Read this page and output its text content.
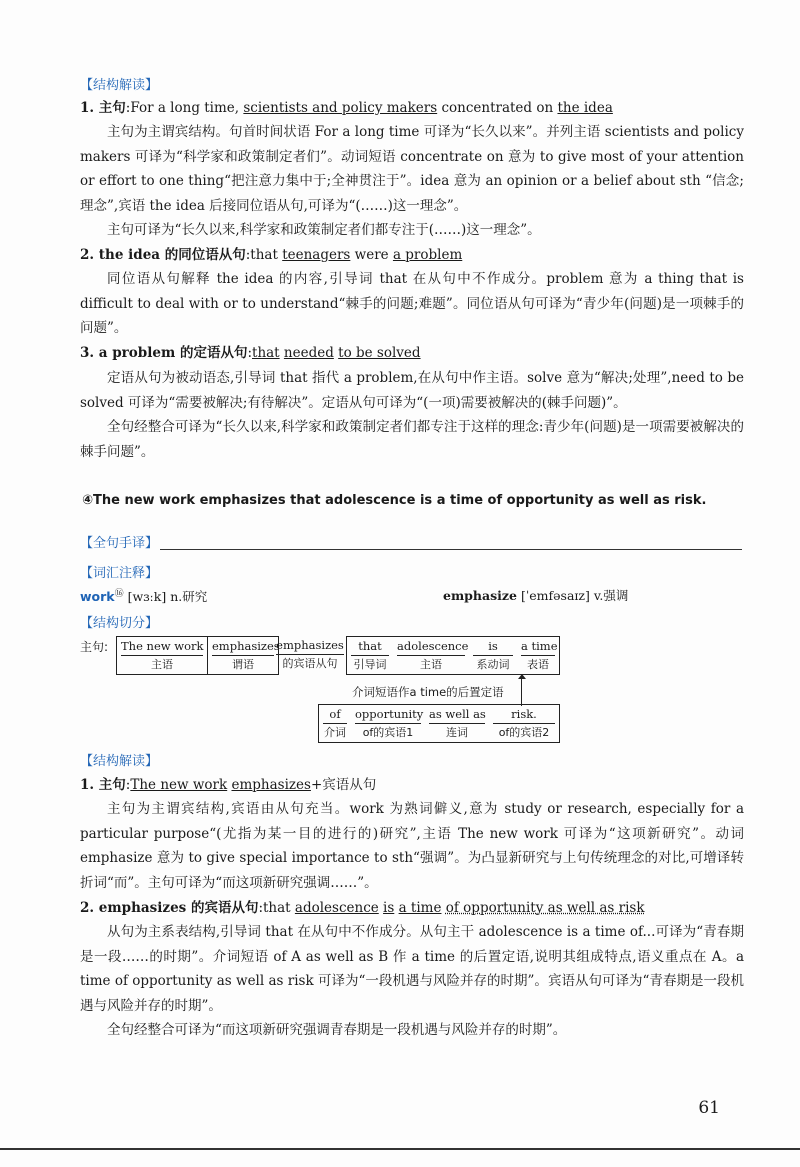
【结构解读】
1. 主句:For a long time, scientists and policy makers concentrated on the idea

主句为主谓宾结构。句首时间状语 For a long time 可译为“长久以来”。并列主语 scientists and policy makers 可译为“科学家和政策制定者们”。动词短语 concentrate on 意为 to give most of your attention or effort to one thing“把注意力集中于;全神贯注于”。idea 意为 an opinion or a belief about sth “信念;理念”,宾语 the idea 后接同位语从句,可译为“(……)这一理念”。

主句可译为“长久以来,科学家和政策制定者们都专注于(……)这一理念”。

2. the idea 的同位语从句:that teenagers were a problem

同位语从句解释 the idea 的内容,引导词 that 在从句中不作成分。problem 意为 a thing that is difficult to deal with or to understand“棘手的问题;难题”。同位语从句可译为“青少年(问题)是一项棘手的问题”。

3. a problem 的定语从句:that needed to be solved

定语从句为被动语态,引导词 that 指代 a problem,在从句中作主语。solve 意为“解决;处理”,need to be solved 可译为“需要被解决;有待解决”。定语从句可译为“(一项)需要被解决的(棘手问题)”。

全句经整合可译为“长久以来,科学家和政策制定者们都专注于这样的理念:青少年(问题)是一项需要被解决的棘手问题”。

④The new work emphasizes that adolescence is a time of opportunity as well as risk.
【全句手译】
【词汇注释】
work⑯ [wɜːk] n.研究	emphasize [ˈemfəsaɪz] v.强调
【结构切分】
主句: The new work
主语
emphasizes
谓语
emphasizes
的宾语从句
that
引导词
adolescence
主语
is
系动词
a time
表语
介词短语作a time的后置定语
of
介词
opportunity
of的宾语1
as well as
连词
risk.
of的宾语2
【结构解读】
1. 主句:The new work emphasizes+宾语从句

主句为主谓宾结构,宾语由从句充当。work 为熟词僻义,意为 study or research, especially for a particular purpose“(尤指为某一目的进行的)研究”,主语 The new work 可译为“这项新研究”。动词 emphasize 意为 to give special importance to sth“强调”。为凸显新研究与上句传统理念的对比,可增译转折词“而”。主句可译为“而这项新研究强调……”。

2. emphasizes 的宾语从句:that adolescence is a time of opportunity as well as risk

从句为主系表结构,引导词 that 在从句中不作成分。从句主干 adolescence is a time of...可译为“青春期是一段……的时期”。介词短语 of A as well as B 作 a time 的后置定语,说明其组成特点,语义重点在 A。a time of opportunity as well as risk 可译为“一段机遇与风险并存的时期”。宾语从句可译为“青春期是一段机遇与风险并存的时期”。

全句经整合可译为“而这项新研究强调青春期是一段机遇与风险并存的时期”。

61
